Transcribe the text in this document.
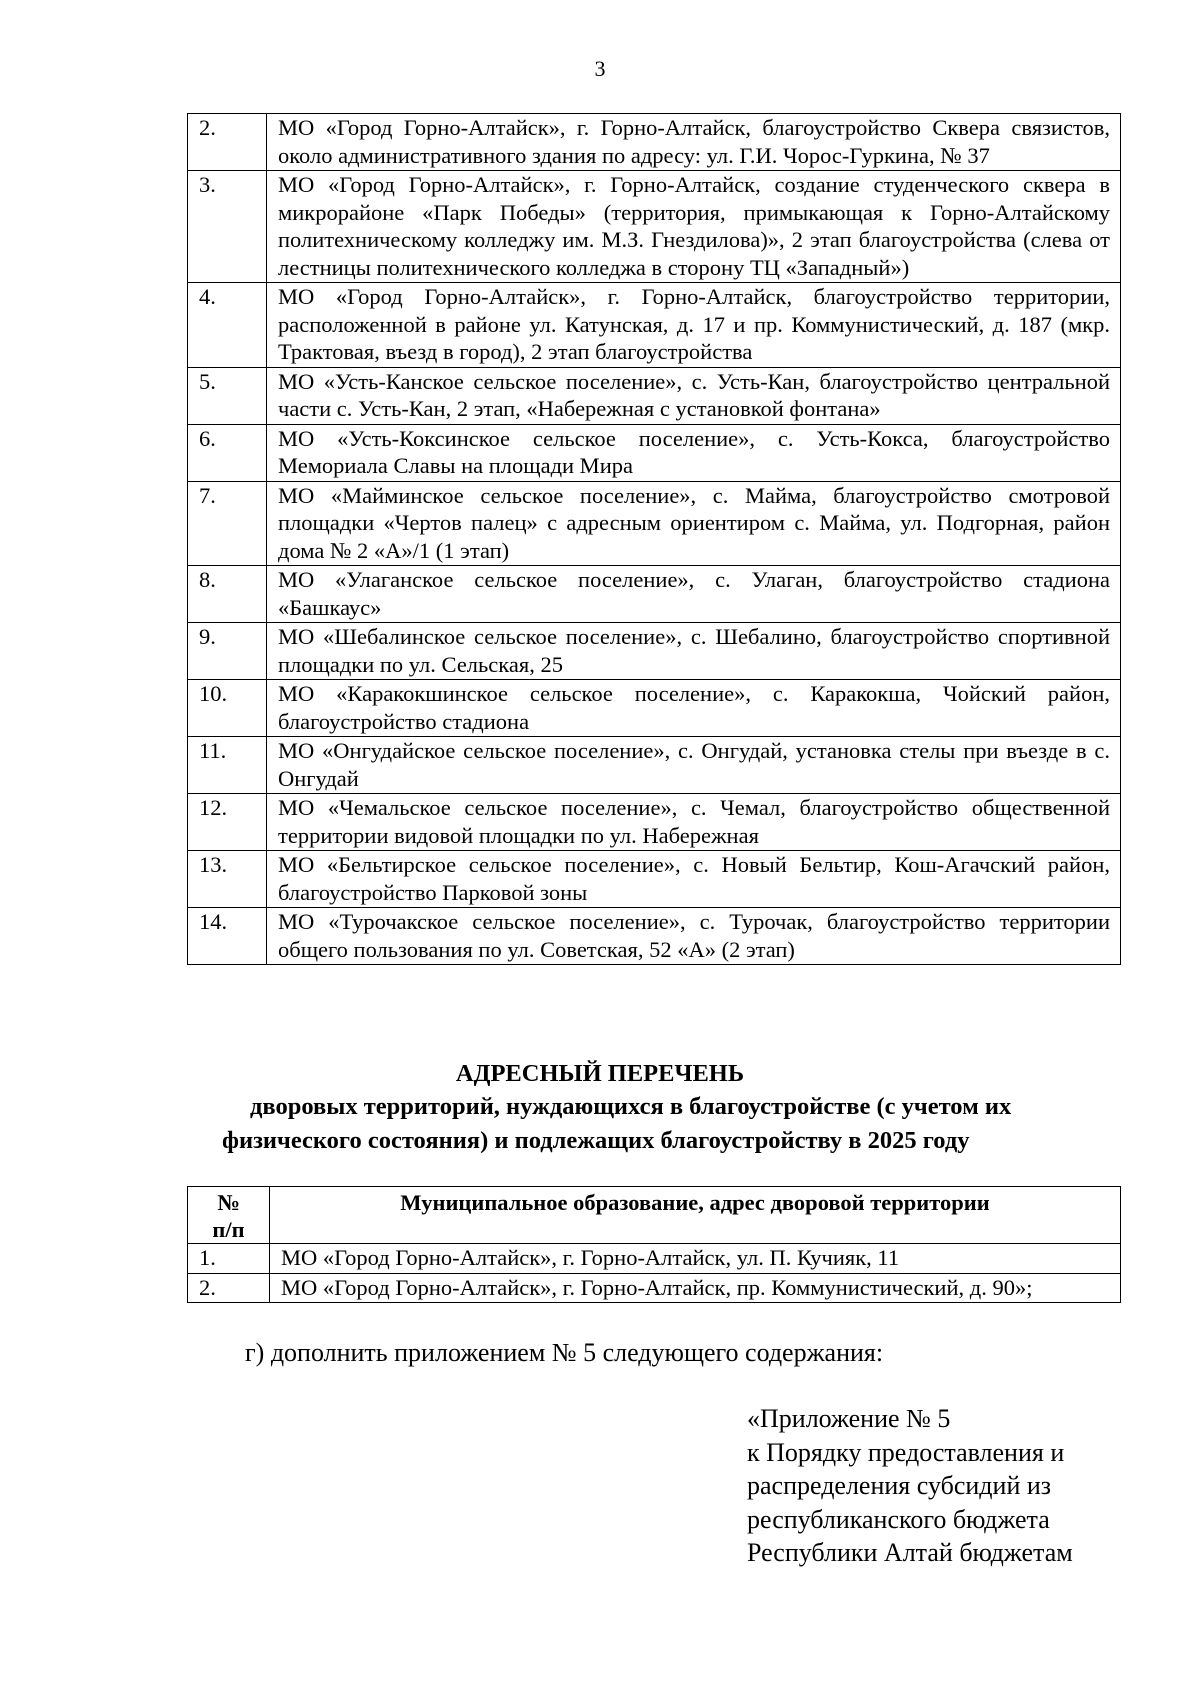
3
2.	МО «Город Горно-Алтайск», г. Горно-Алтайск, благоустройство Сквера связистов, около административного здания по адресу: ул. Г.И. Чорос-Гуркина, № 37
3.	МО «Город Горно-Алтайск», г. Горно-Алтайск, создание студенческого сквера в микрорайоне «Парк Победы» (территория, примыкающая к Горно-Алтайскому политехническому колледжу им. М.З. Гнездилова)», 2 этап благоустройства (слева от лестницы политехнического колледжа в сторону ТЦ «Западный»)
4.	МО «Город Горно-Алтайск», г. Горно-Алтайск, благоустройство территории, расположенной в районе ул. Катунская, д. 17 и пр. Коммунистический, д. 187 (мкр. Трактовая, въезд в город), 2 этап благоустройства
5.	МО «Усть-Канское сельское поселение», с. Усть-Кан, благоустройство центральной части с. Усть-Кан, 2 этап, «Набережная с установкой фонтана»
6.	МО «Усть-Коксинское сельское поселение», с. Усть-Кокса, благоустройство Мемориала Славы на площади Мира
7.	МО «Майминское сельское поселение», с. Майма, благоустройство смотровой площадки «Чертов палец» с адресным ориентиром с. Майма, ул. Подгорная, район дома № 2 «А»/1 (1 этап)
8.	МО «Улаганское сельское поселение», с. Улаган, благоустройство стадиона «Башкаус»
9.	МО «Шебалинское сельское поселение», с. Шебалино, благоустройство спортивной площадки по ул. Сельская, 25
10.	МО «Каракокшинское сельское поселение», с. Каракокша, Чойский район, благоустройство стадиона
11.	МО «Онгудайское сельское поселение», с. Онгудай, установка стелы при въезде в с. Онгудай
12.	МО «Чемальское сельское поселение», с. Чемал, благоустройство общественной территории видовой площадки по ул. Набережная
13.	МО «Бельтирское сельское поселение», с. Новый Бельтир, Кош-Агачский район, благоустройство Парковой зоны
14.	МО «Турочакское сельское поселение», с. Турочак, благоустройство территории общего пользования по ул. Советская, 52 «А» (2 этап)
АДРЕСНЫЙ ПЕРЕЧЕНЬ
дворовых территорий, нуждающихся в благоустройстве (с учетом их
физического состояния) и подлежащих благоустройству в 2025 году
№
п/п	Муниципальное образование, адрес дворовой территории
1.	МО «Город Горно-Алтайск», г. Горно-Алтайск, ул. П. Кучияк, 11
2.	МО «Город Горно-Алтайск», г. Горно-Алтайск, пр. Коммунистический, д. 90»;
г) дополнить приложением № 5 следующего содержания:
«Приложение № 5
к Порядку предоставления и
распределения субсидий из
республиканского бюджета
Республики Алтай бюджетам
